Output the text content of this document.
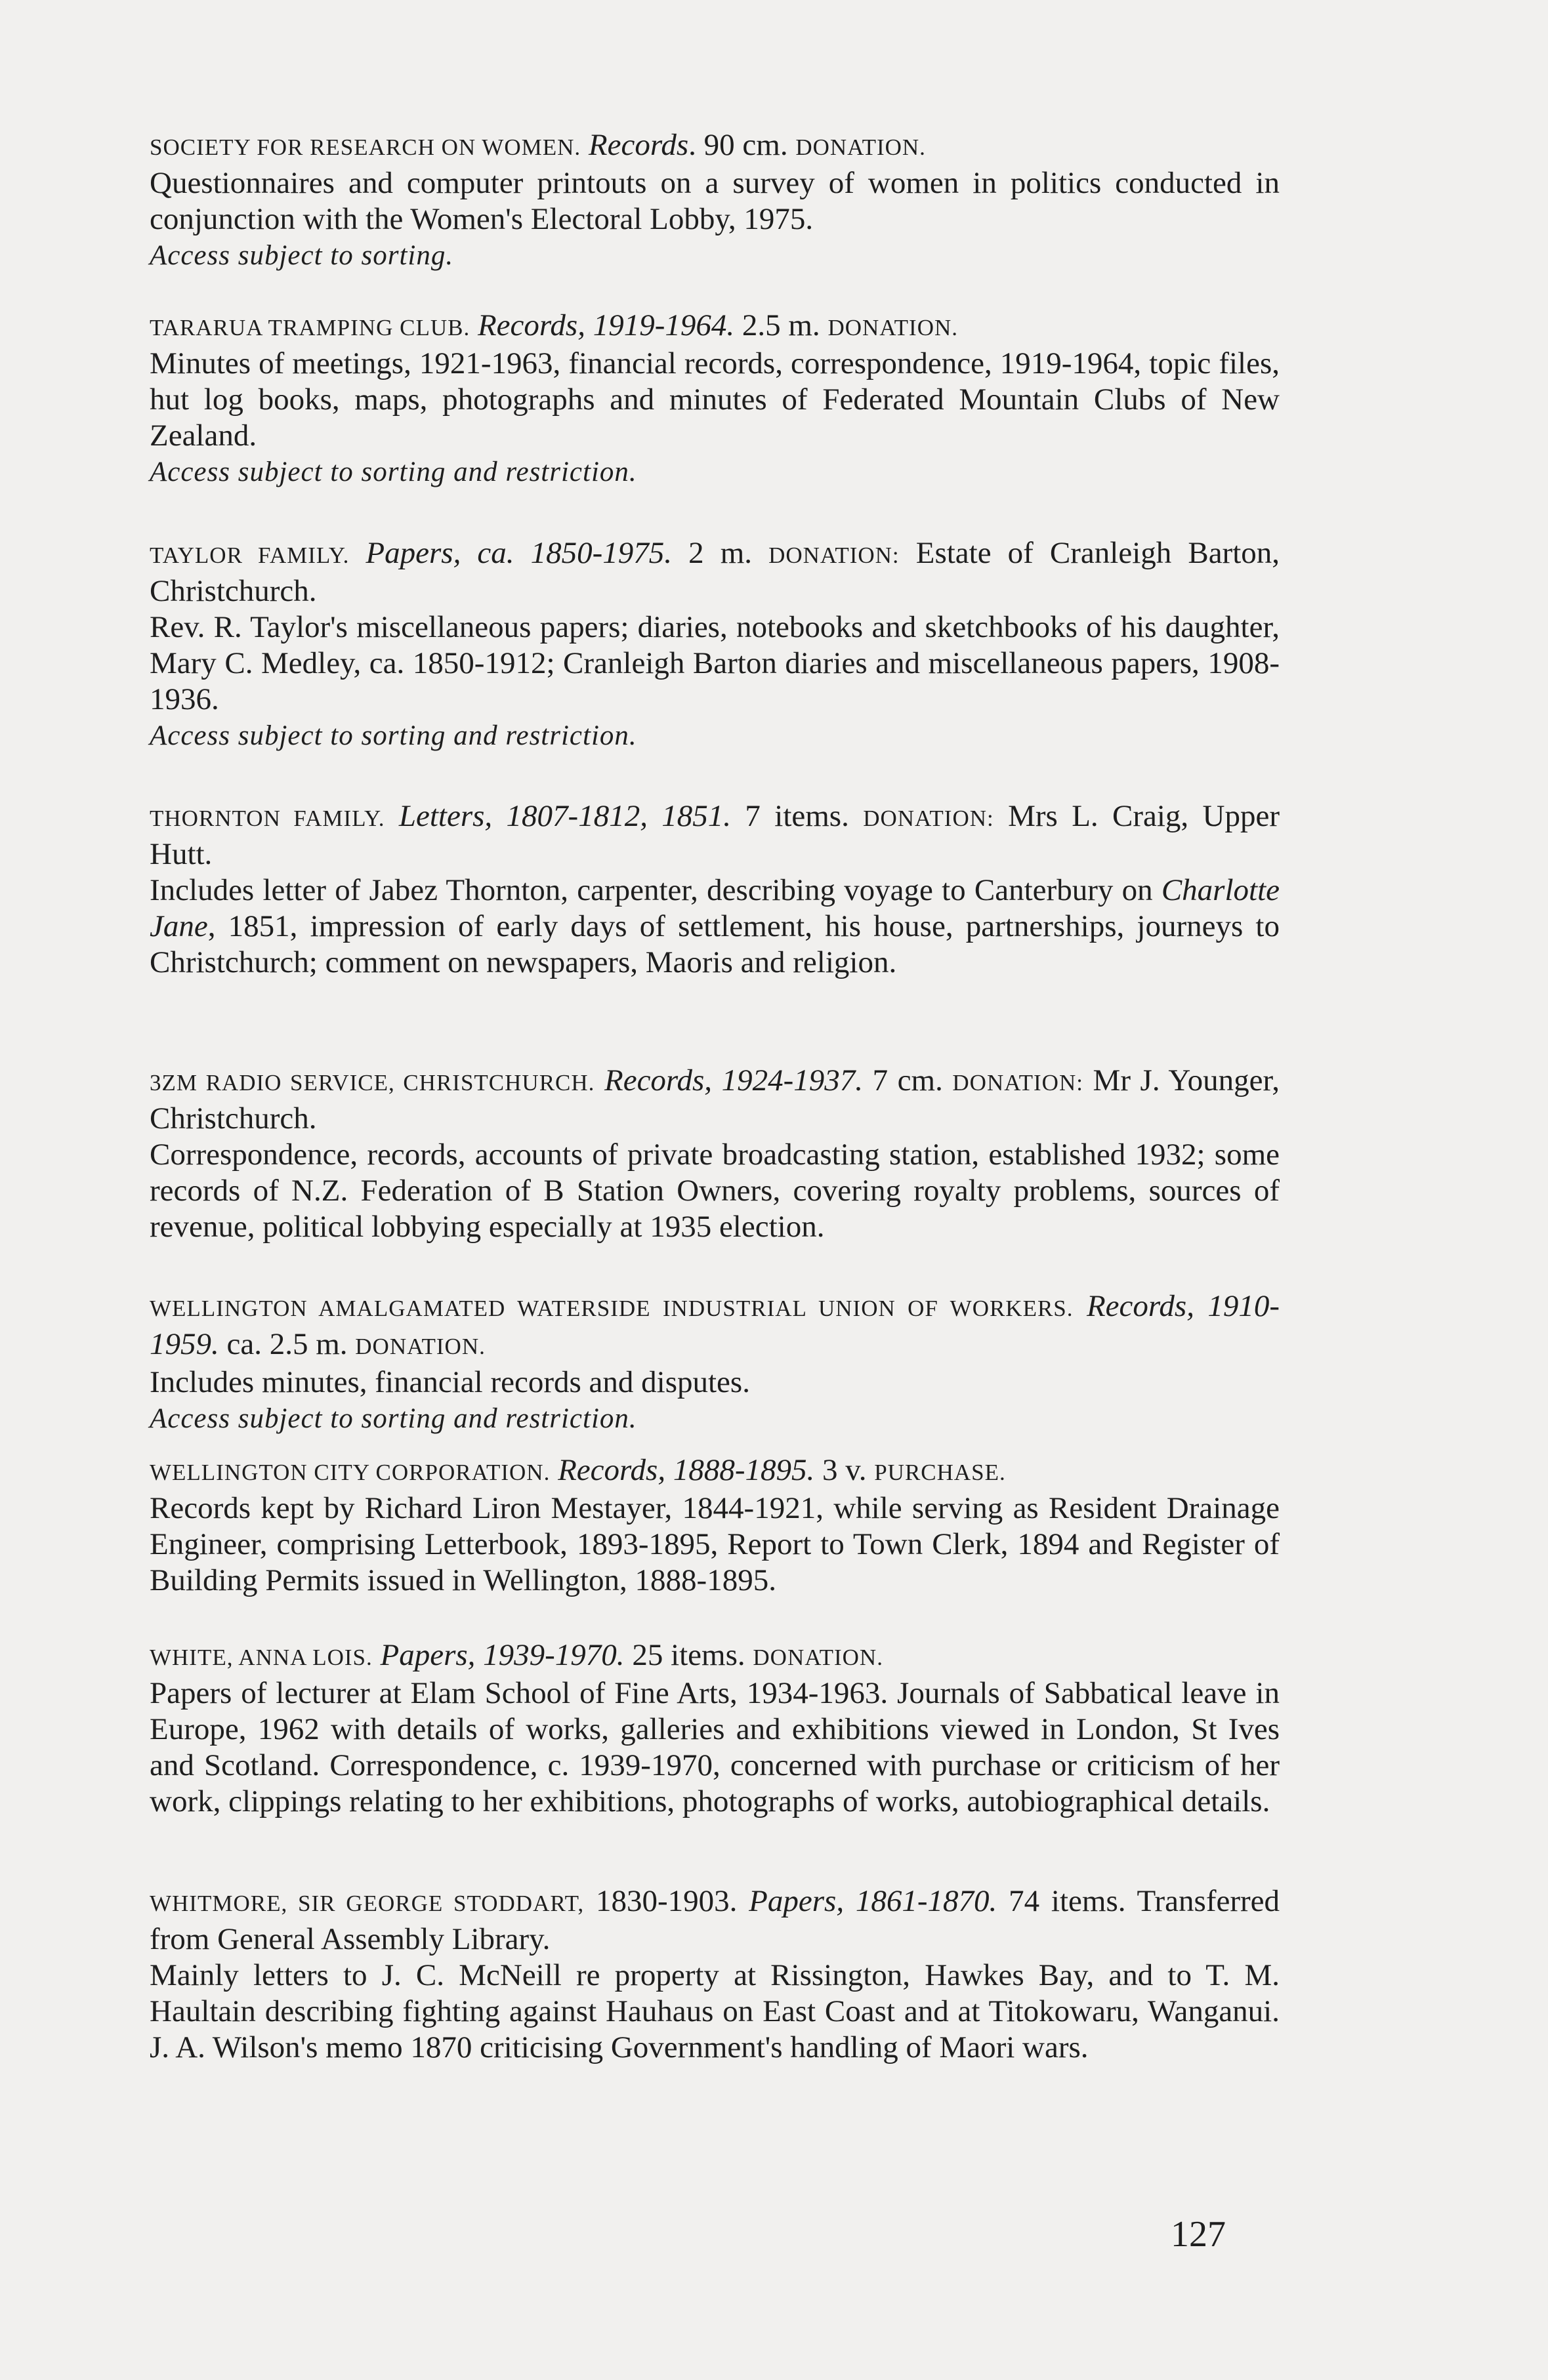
SOCIETY FOR RESEARCH ON WOMEN. Records. 90 cm. DONATION.

Questionnaires and computer printouts on a survey of women in politics conducted in conjunction with the Women's Electoral Lobby, 1975.

Access subject to sorting.

TARARUA TRAMPING CLUB. Records, 1919-1964. 2.5 m. DONATION.

Minutes of meetings, 1921-1963, financial records, correspondence, 1919-1964, topic files, hut log books, maps, photographs and minutes of Federated Mountain Clubs of New Zealand.

Access subject to sorting and restriction.

TAYLOR FAMILY. Papers, ca. 1850-1975. 2 m. DONATION: Estate of Cranleigh Barton, Christchurch.

Rev. R. Taylor's miscellaneous papers; diaries, notebooks and sketchbooks of his daughter, Mary C. Medley, ca. 1850-1912; Cranleigh Barton diaries and miscellaneous papers, 1908-1936.

Access subject to sorting and restriction.

THORNTON FAMILY. Letters, 1807-1812, 1851. 7 items. DONATION: Mrs L. Craig, Upper Hutt.

Includes letter of Jabez Thornton, carpenter, describing voyage to Canterbury on Charlotte Jane, 1851, impression of early days of settlement, his house, partnerships, journeys to Christchurch; comment on newspapers, Maoris and religion.

3ZM RADIO SERVICE, CHRISTCHURCH. Records, 1924-1937. 7 cm. DONATION: Mr J. Younger, Christchurch.

Correspondence, records, accounts of private broadcasting station, established 1932; some records of N.Z. Federation of B Station Owners, covering royalty problems, sources of revenue, political lobbying especially at 1935 election.

WELLINGTON AMALGAMATED WATERSIDE INDUSTRIAL UNION OF WORKERS. Records, 1910-1959. ca. 2.5 m. DONATION.

Includes minutes, financial records and disputes.

Access subject to sorting and restriction.

WELLINGTON CITY CORPORATION. Records, 1888-1895. 3 v. PURCHASE.

Records kept by Richard Liron Mestayer, 1844-1921, while serving as Resident Drainage Engineer, comprising Letterbook, 1893-1895, Report to Town Clerk, 1894 and Register of Building Permits issued in Wellington, 1888-1895.

WHITE, ANNA LOIS. Papers, 1939-1970. 25 items. DONATION.

Papers of lecturer at Elam School of Fine Arts, 1934-1963. Journals of Sabbatical leave in Europe, 1962 with details of works, galleries and exhibitions viewed in London, St Ives and Scotland. Correspondence, c. 1939-1970, concerned with purchase or criticism of her work, clippings relating to her exhibitions, photographs of works, autobiographical details.

WHITMORE, SIR GEORGE STODDART, 1830-1903. Papers, 1861-1870. 74 items. Transferred from General Assembly Library.

Mainly letters to J. C. McNeill re property at Rissington, Hawkes Bay, and to T. M. Haultain describing fighting against Hauhaus on East Coast and at Titokowaru, Wanganui. J. A. Wilson's memo 1870 criticising Government's handling of Maori wars.

127
